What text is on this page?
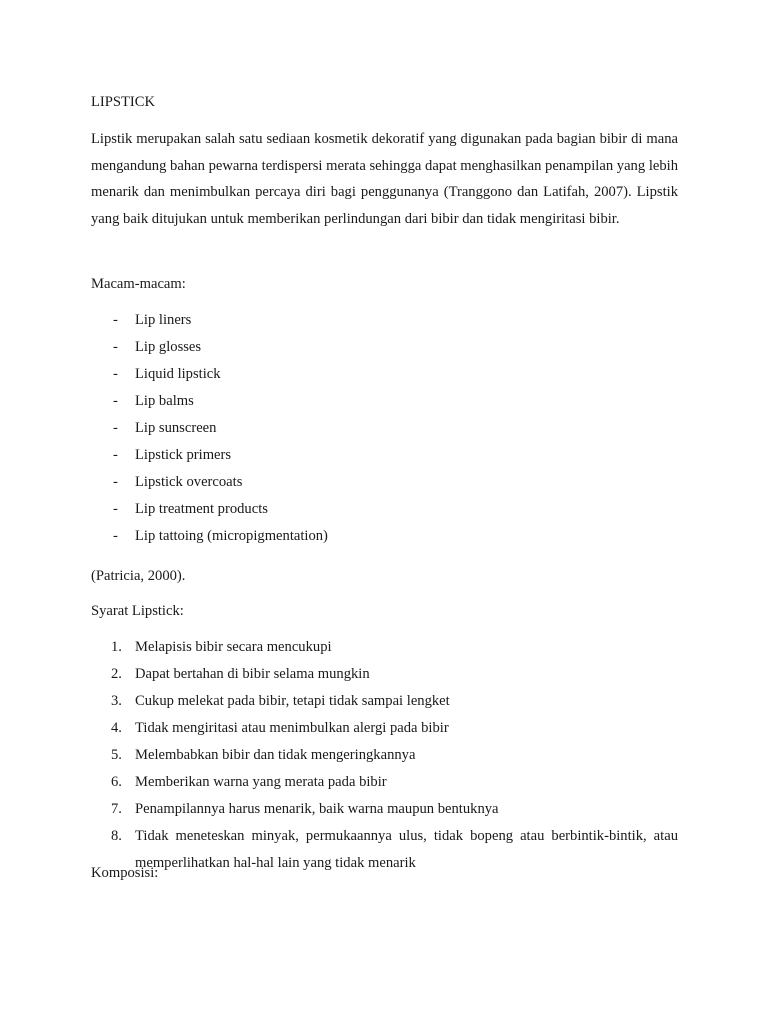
LIPSTICK

Lipstik merupakan salah satu sediaan kosmetik dekoratif yang digunakan pada bagian bibir di mana mengandung bahan pewarna terdispersi merata sehingga dapat menghasilkan penampilan yang lebih menarik dan menimbulkan percaya diri bagi penggunanya (Tranggono dan Latifah, 2007). Lipstik yang baik ditujukan untuk memberikan perlindungan dari bibir dan tidak mengiritasi bibir.

Macam-macam:
- Lip liners
- Lip glosses
- Liquid lipstick
- Lip balms
- Lip sunscreen
- Lipstick primers
- Lipstick overcoats
- Lip treatment products
- Lip tattoing (micropigmentation)
(Patricia, 2000).
Syarat Lipstick:
1. Melapisis bibir secara mencukupi
2. Dapat bertahan di bibir selama mungkin
3. Cukup melekat pada bibir, tetapi tidak sampai lengket
4. Tidak mengiritasi atau menimbulkan alergi pada bibir
5. Melembabkan bibir dan tidak mengeringkannya
6. Memberikan warna yang merata pada bibir
7. Penampilannya harus menarik, baik warna maupun bentuknya
8. Tidak meneteskan minyak, permukaannya ulus, tidak bopeng atau berbintik-bintik, atau memperlihatkan hal-hal lain yang tidak menarik
Komposisi:
